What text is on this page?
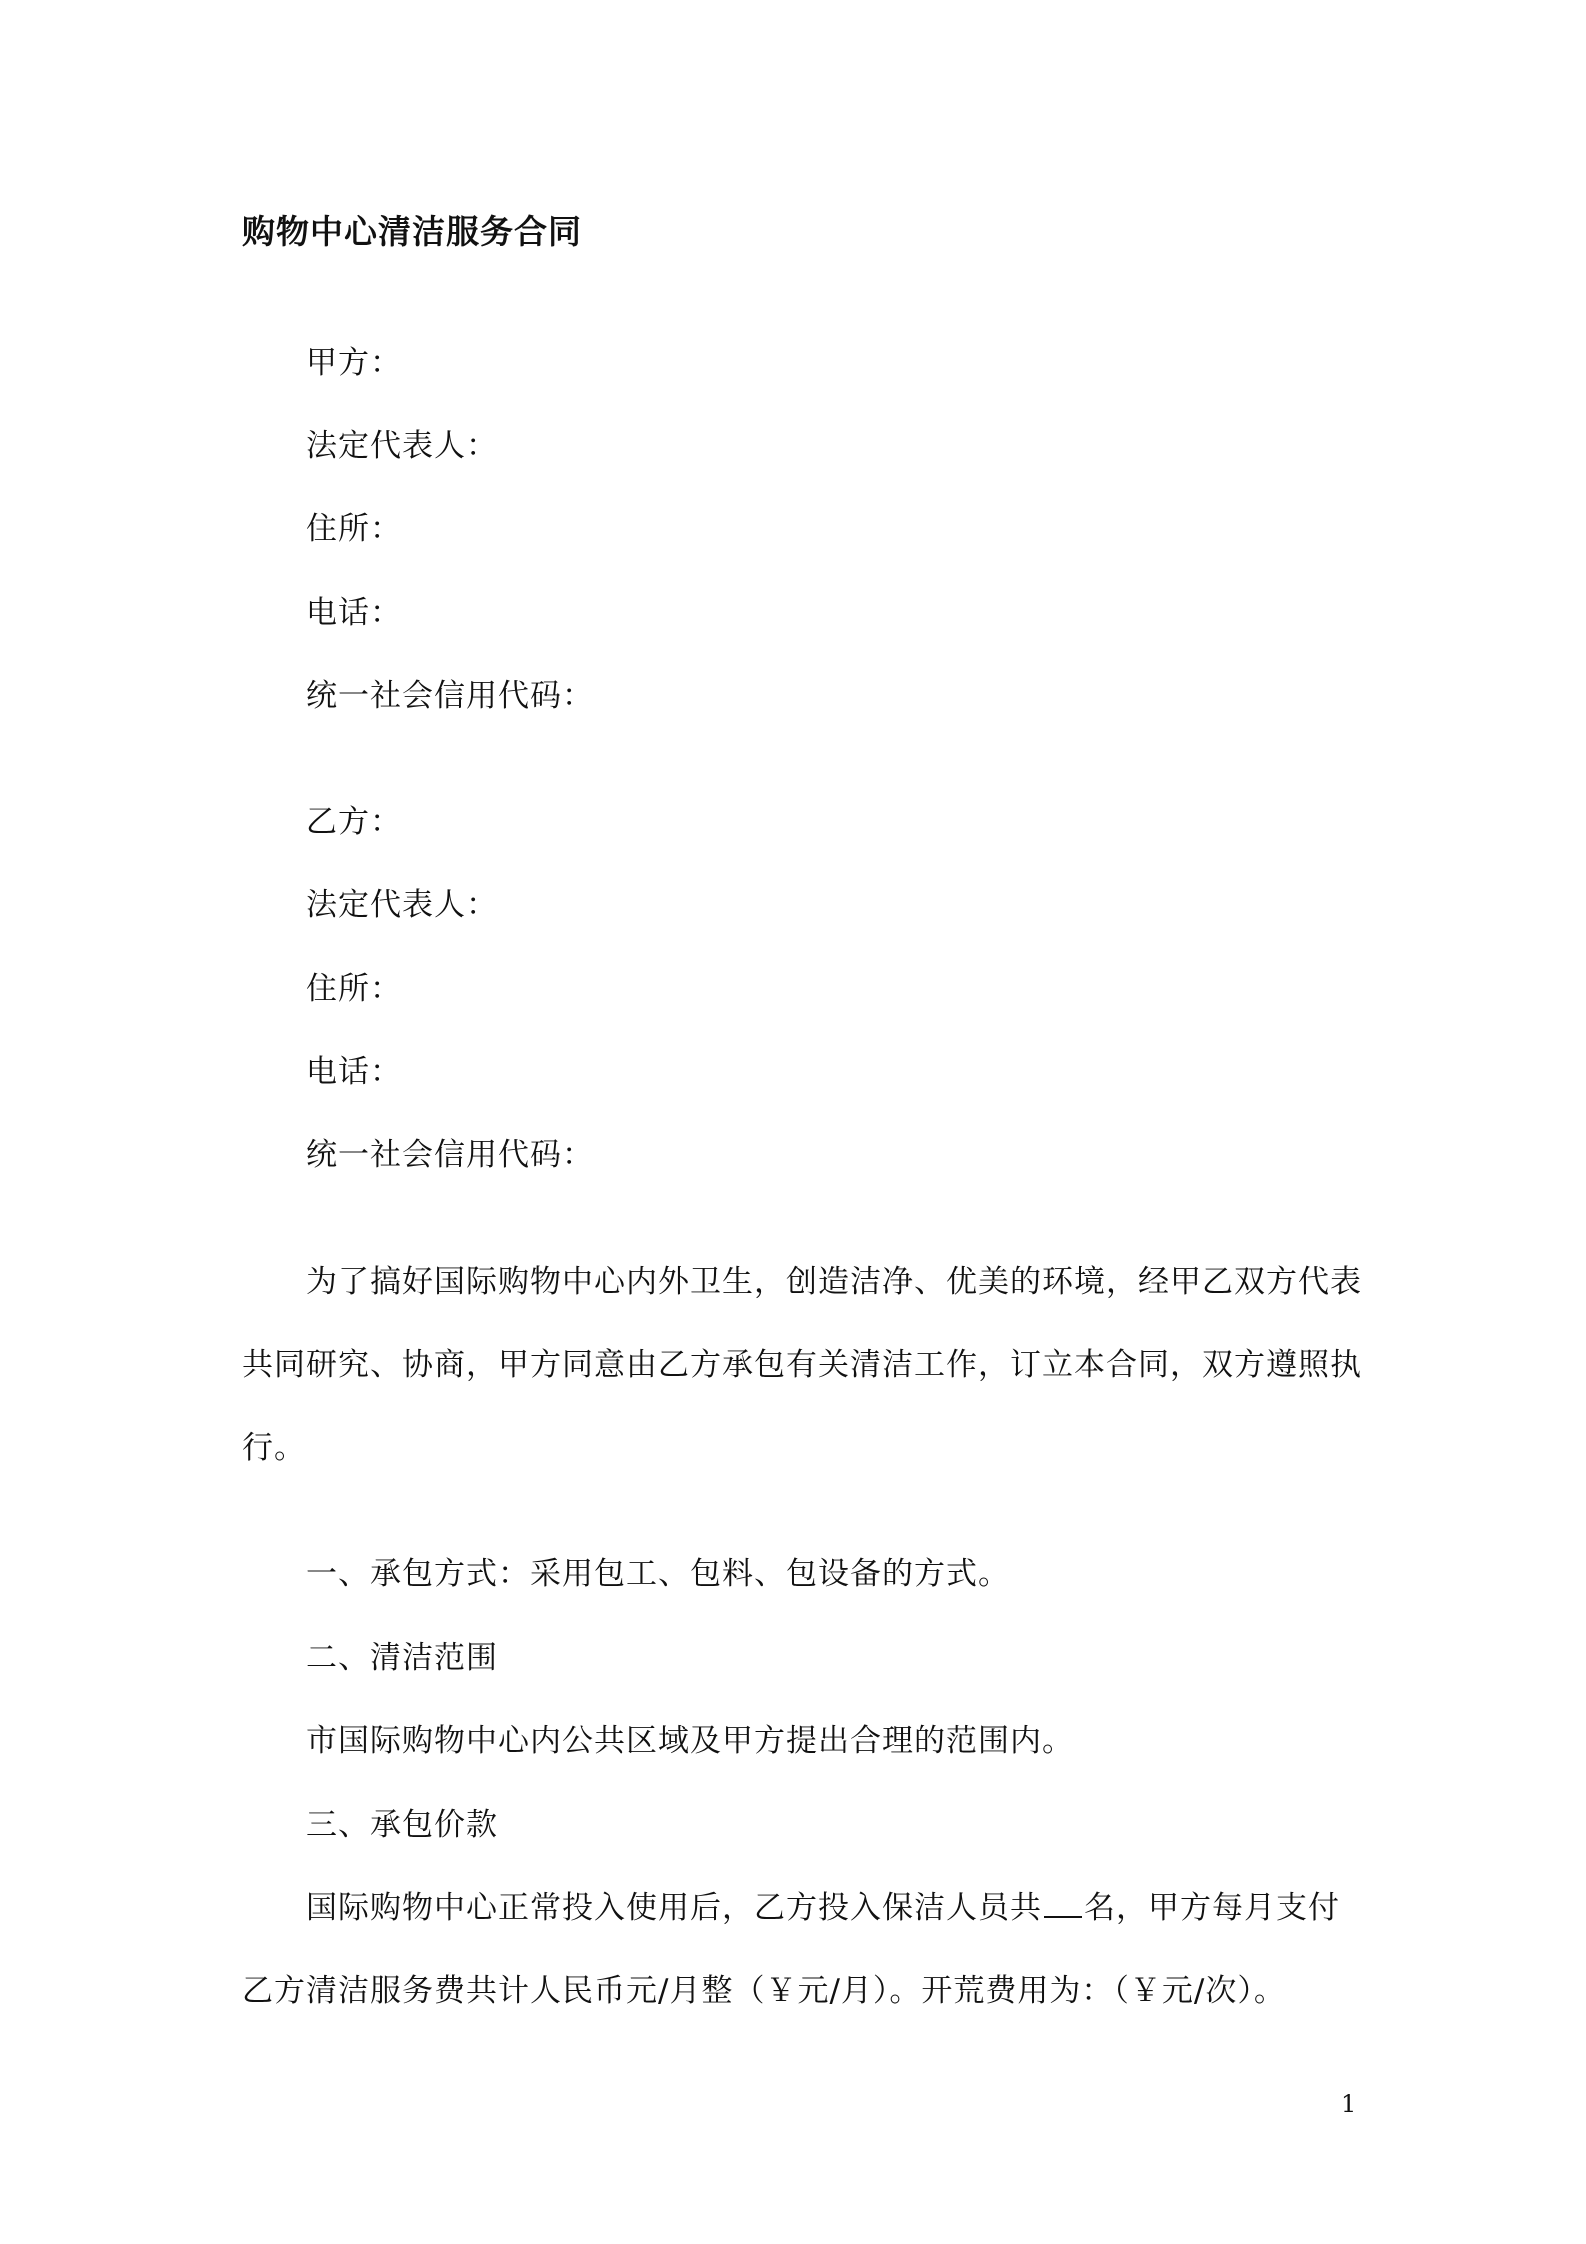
购物中心清洁服务合同
甲方：
法定代表人：
住所：
电话：
统一社会信用代码：
乙方：
法定代表人：
住所：
电话：
统一社会信用代码：
为了搞好国际购物中心内外卫生，创造洁净、优美的环境，经甲乙双方代表
共同研究、协商，甲方同意由乙方承包有关清洁工作，订立本合同，双方遵照执
行。
一、承包方式：采用包工、包料、包设备的方式。
二、清洁范围
市国际购物中心内公共区域及甲方提出合理的范围内。
三、承包价款
国际购物中心正常投入使用后，乙方投入保洁人员共 名，甲方每月支付
乙方清洁服务费共计人民币元/月整（￥元/月）。开荒费用为：（￥元/次）。
1
